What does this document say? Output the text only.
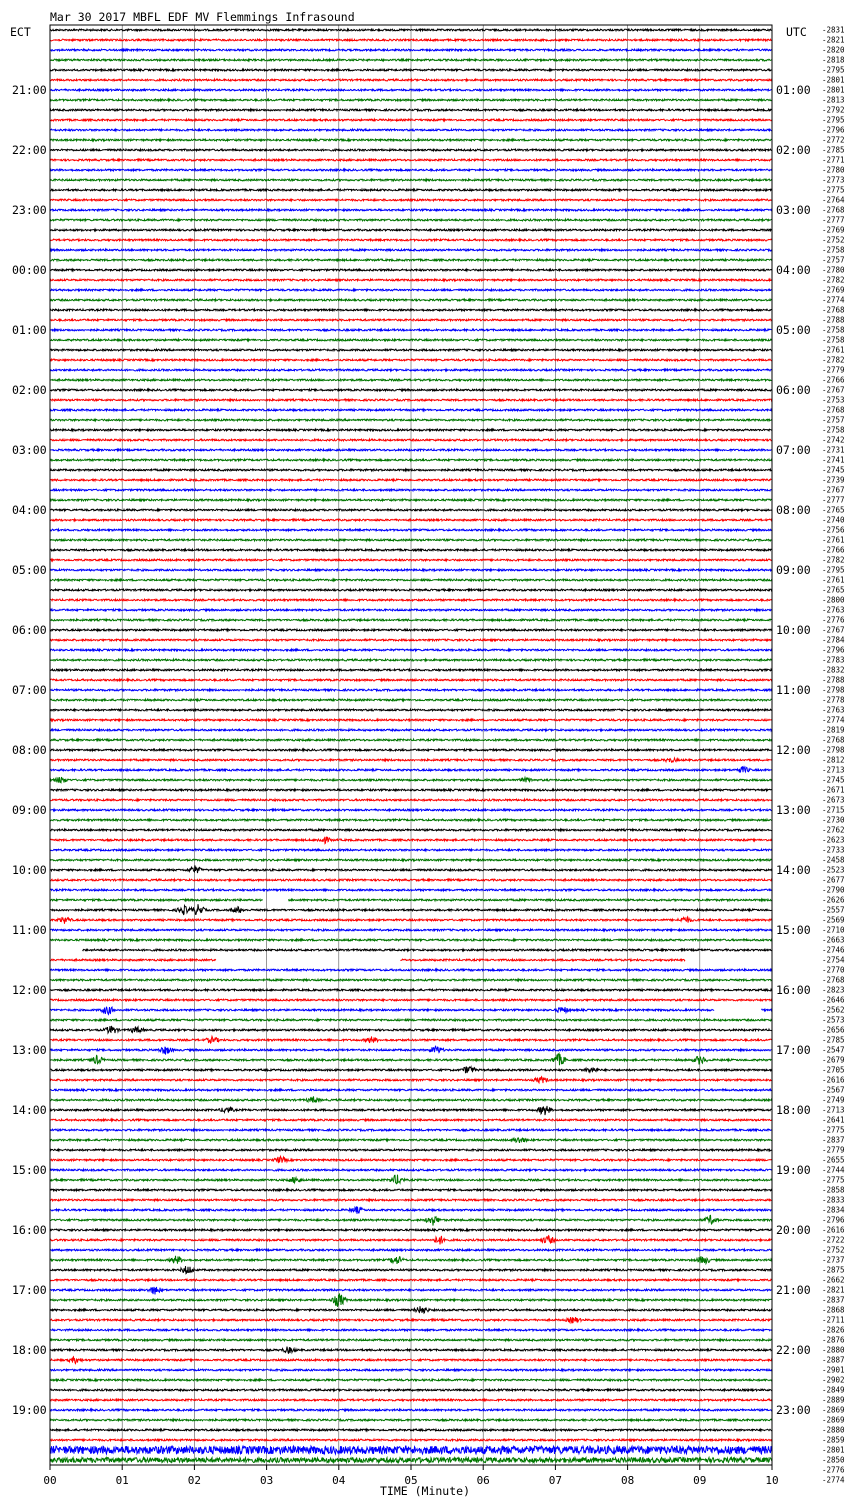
Mar 30 2017 MBFL EDF MV Flemmings Infrasound
ECT	UTC
00	01	02	03	04	05	06	07	08	09	10
21:00
22:00
23:00
00:00
01:00
02:00
03:00
04:00
05:00
06:00
07:00
08:00
09:00
10:00
11:00
12:00
13:00
14:00
15:00
16:00
17:00
18:00
19:00
01:00
02:00
03:00
04:00
05:00
06:00
07:00
08:00
09:00
10:00
11:00
12:00
13:00
14:00
15:00
16:00
17:00
18:00
19:00
20:00
21:00
22:00
23:00
-2831
-2821
-2820
-2818
-2795
-2801
-2801
-2813
-2792
-2795
-2796
-2772
-2785
-2771
-2780
-2773
-2775
-2764
-2768
-2777
-2769
-2752
-2758
-2757
-2780
-2782
-2769
-2774
-2768
-2788
-2758
-2758
-2761
-2782
-2779
-2766
-2767
-2753
-2768
-2757
-2758
-2742
-2731
-2741
-2745
-2739
-2767
-2777
-2765
-2740
-2756
-2761
-2766
-2782
-2795
-2761
-2765
-2800
-2763
-2776
-2767
-2784
-2796
-2783
-2832
-2788
-2798
-2778
-2763
-2774
-2819
-2768
-2798
-2812
-2713
-2745
-2671
-2673
-2715
-2730
-2762
-2623
-2733
-2458
-2523
-2677
-2790
-2626
-2557
-2569
-2710
-2663
-2746
-2754
-2770
-2768
-2823
-2646
-2562
-2573
-2656
-2785
-2547
-2679
-2705
-2616
-2567
-2749
-2713
-2641
-2775
-2837
-2779
-2655
-2744
-2775
-2858
-2833
-2834
-2796
-2616
-2722
-2752
-2737
-2875
-2662
-2821
-2837
-2868
-2711
-2826
-2876
-2880
-2887
-2901
-2902
-2849
-2889
-2869
-2869
-2880
-2859
-2801
-2850
-2776
-2774
TIME (Minute)
